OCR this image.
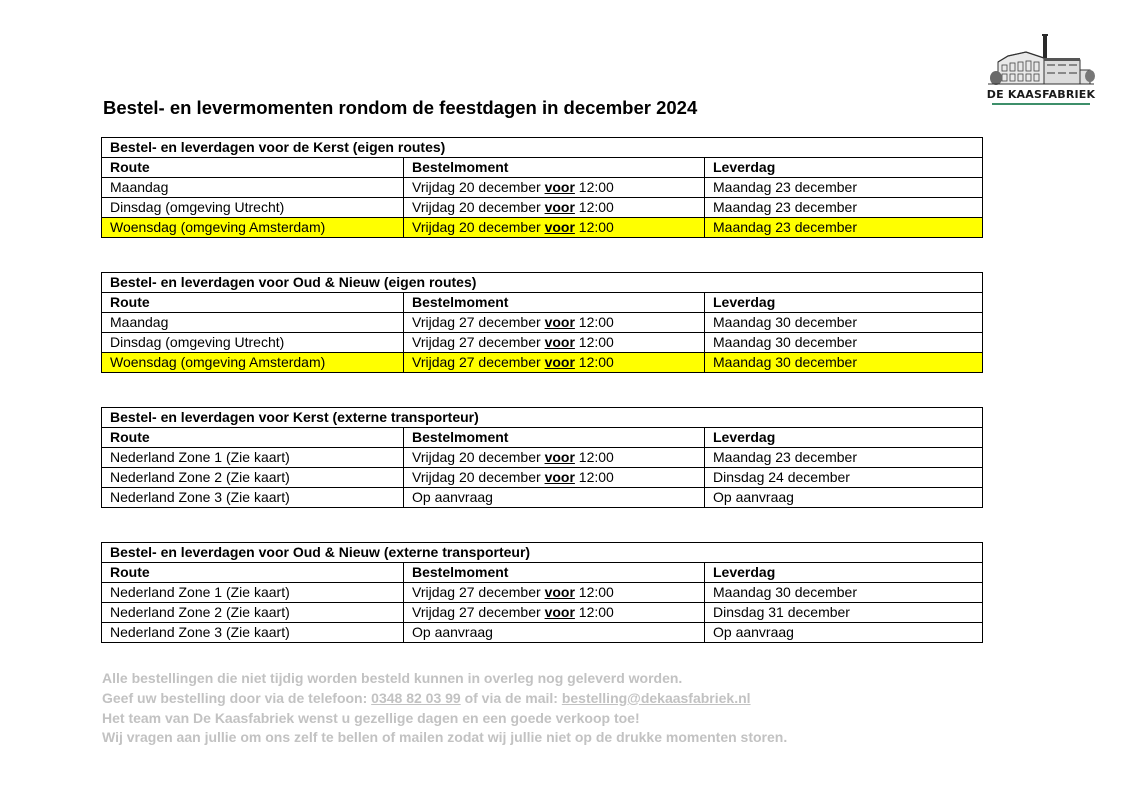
DE KAASFABRIEK
Bestel- en levermomenten rondom de feestdagen in december 2024
Bestel- en leverdagen voor de Kerst (eigen routes)		
Route	Bestelmoment	Leverdag
Maandag	Vrijdag 20 december voor 12:00	Maandag 23 december
Dinsdag (omgeving Utrecht)	Vrijdag 20 december voor 12:00	Maandag 23 december
Woensdag (omgeving Amsterdam)	Vrijdag 20 december voor 12:00	Maandag 23 december
Bestel- en leverdagen voor Oud & Nieuw (eigen routes)		
Route	Bestelmoment	Leverdag
Maandag	Vrijdag 27 december voor 12:00	Maandag 30 december
Dinsdag (omgeving Utrecht)	Vrijdag 27 december voor 12:00	Maandag 30 december
Woensdag (omgeving Amsterdam)	Vrijdag 27 december voor 12:00	Maandag 30 december
Bestel- en leverdagen voor Kerst (externe transporteur)		
Route	Bestelmoment	Leverdag
Nederland Zone 1 (Zie kaart)	Vrijdag 20 december voor 12:00	Maandag 23 december
Nederland Zone 2 (Zie kaart)	Vrijdag 20 december voor 12:00	Dinsdag 24 december
Nederland Zone 3 (Zie kaart)	Op aanvraag	Op aanvraag
Bestel- en leverdagen voor Oud & Nieuw (externe transporteur)		
Route	Bestelmoment	Leverdag
Nederland Zone 1 (Zie kaart)	Vrijdag 27 december voor 12:00	Maandag 30 december
Nederland Zone 2 (Zie kaart)	Vrijdag 27 december voor 12:00	Dinsdag 31 december
Nederland Zone 3 (Zie kaart)	Op aanvraag	Op aanvraag
Alle bestellingen die niet tijdig worden besteld kunnen in overleg nog geleverd worden.
Geef uw bestelling door via de telefoon: 0348 82 03 99 of via de mail: bestelling@dekaasfabriek.nl
Het team van De Kaasfabriek wenst u gezellige dagen en een goede verkoop toe!
Wij vragen aan jullie om ons zelf te bellen of mailen zodat wij jullie niet op de drukke momenten storen.
